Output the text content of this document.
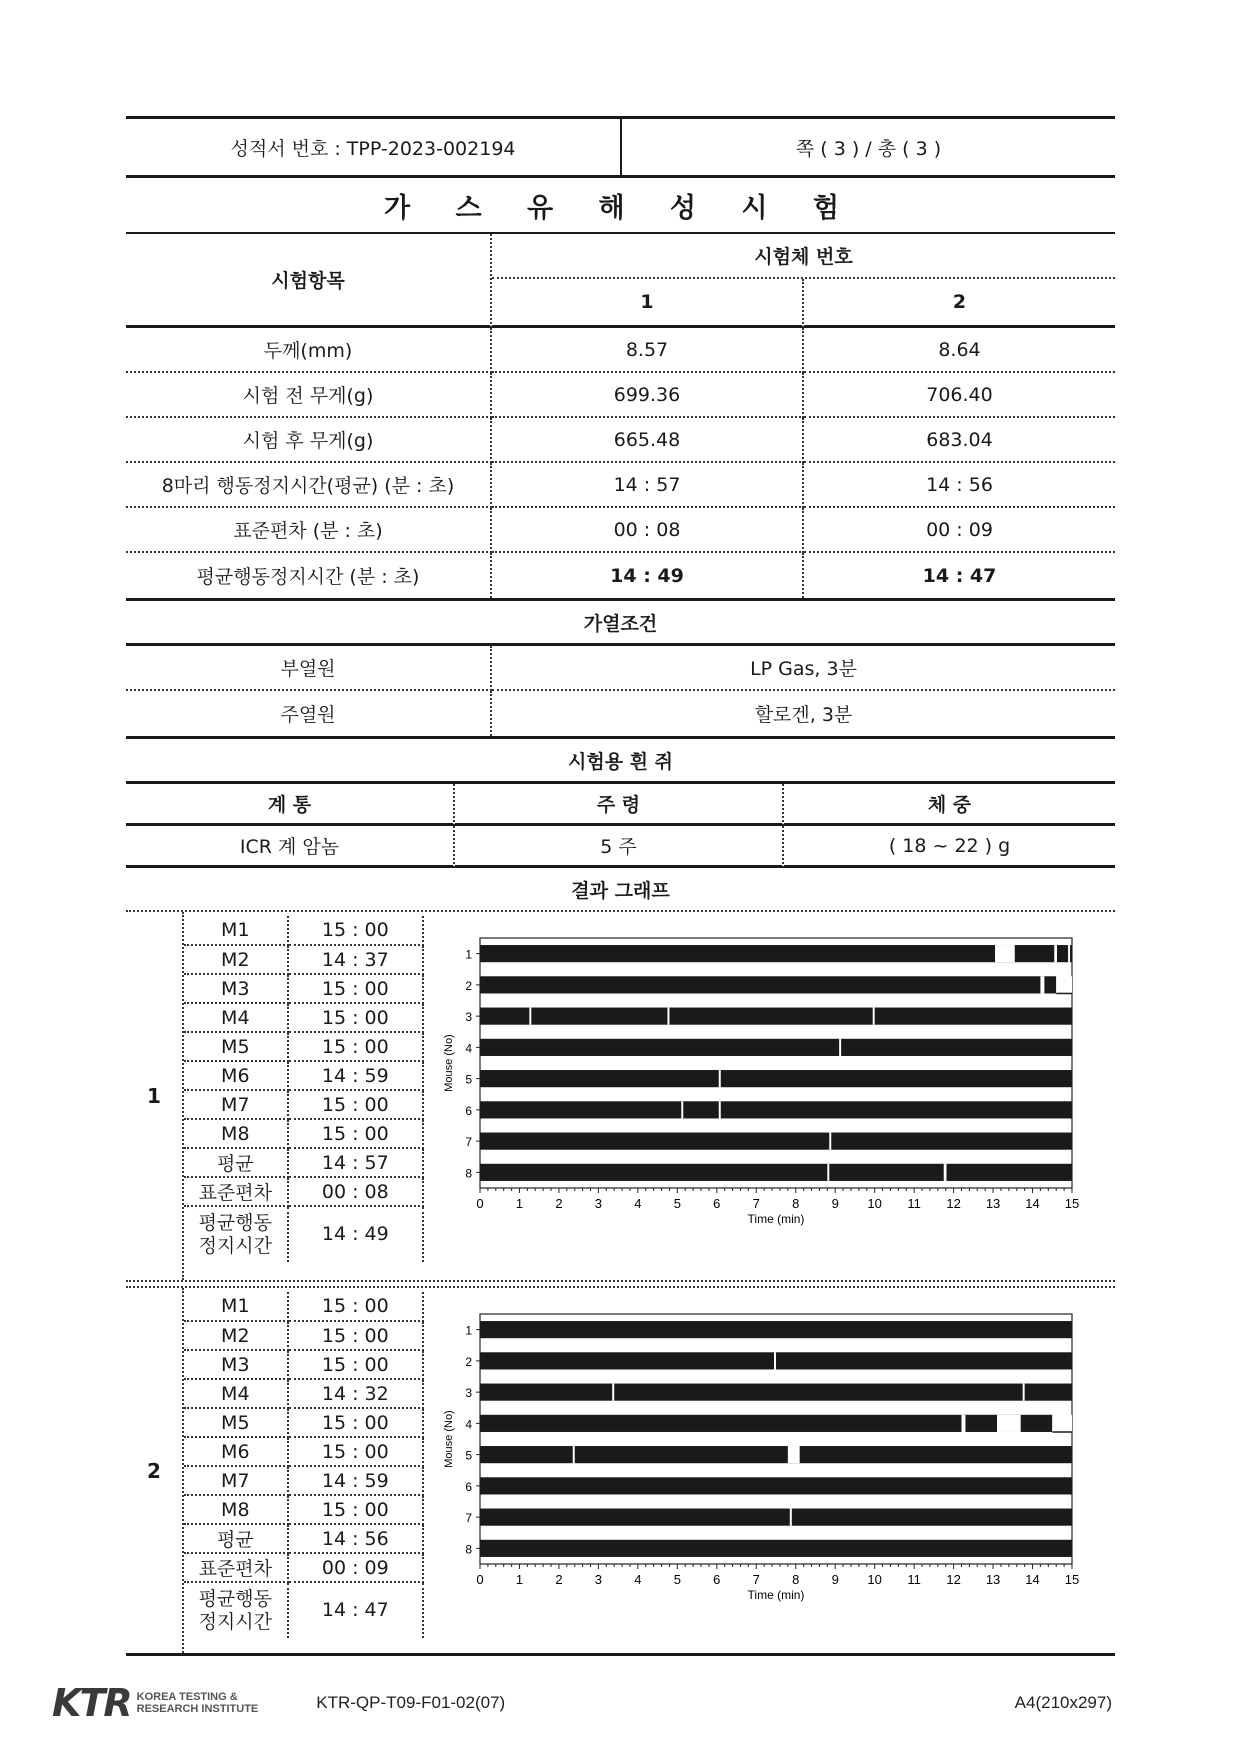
성적서 번호 : TPP-2023-002194	쪽 ( 3 ) / 총 ( 3 )
가 스 유 해 성 시 험
시험항목
시험체 번호
1	2
두께(mm)	8.57	8.64
시험 전 무게(g)	699.36	706.40
시험 후 무게(g)	665.48	683.04
8마리 행동정지시간(평균) (분 : 초)	14 : 57	14 : 56
표준편차 (분 : 초)	00 : 08	00 : 09
평균행동정지시간 (분 : 초)	14 : 49	14 : 47
가열조건
부열원	LP Gas, 3분
주열원	할로겐, 3분
시험용 흰 쥐
계 통	주 령	체 중
ICR 계 암놈	5 주	( 18 ~ 22 ) g
결과 그래프
1
M1	15 : 00
M2	14 : 37
M3	15 : 00
M4	15 : 00
M5	15 : 00
M6	14 : 59
M7	15 : 00
M8	15 : 00
평균	14 : 57
표준편차	00 : 08
평균행동
정지시간	14 : 49
1
2
3
4
5
6
7
8
0 1 2 3 4 5 6 7 8 9 10 11 12 13 14 15
Time (min)
Mouse (No)
2
M1	15 : 00
M2	15 : 00
M3	15 : 00
M4	14 : 32
M5	15 : 00
M6	15 : 00
M7	14 : 59
M8	15 : 00
평균	14 : 56
표준편차	00 : 09
평균행동
정지시간	14 : 47
1
2
3
4
5
6
7
8
0 1 2 3 4 5 6 7 8 9 10 11 12 13 14 15
Time (min)
Mouse (No)
KTR KOREA TESTING &
RESEARCH INSTITUTE	KTR-QP-T09-F01-02(07)	A4(210x297)
